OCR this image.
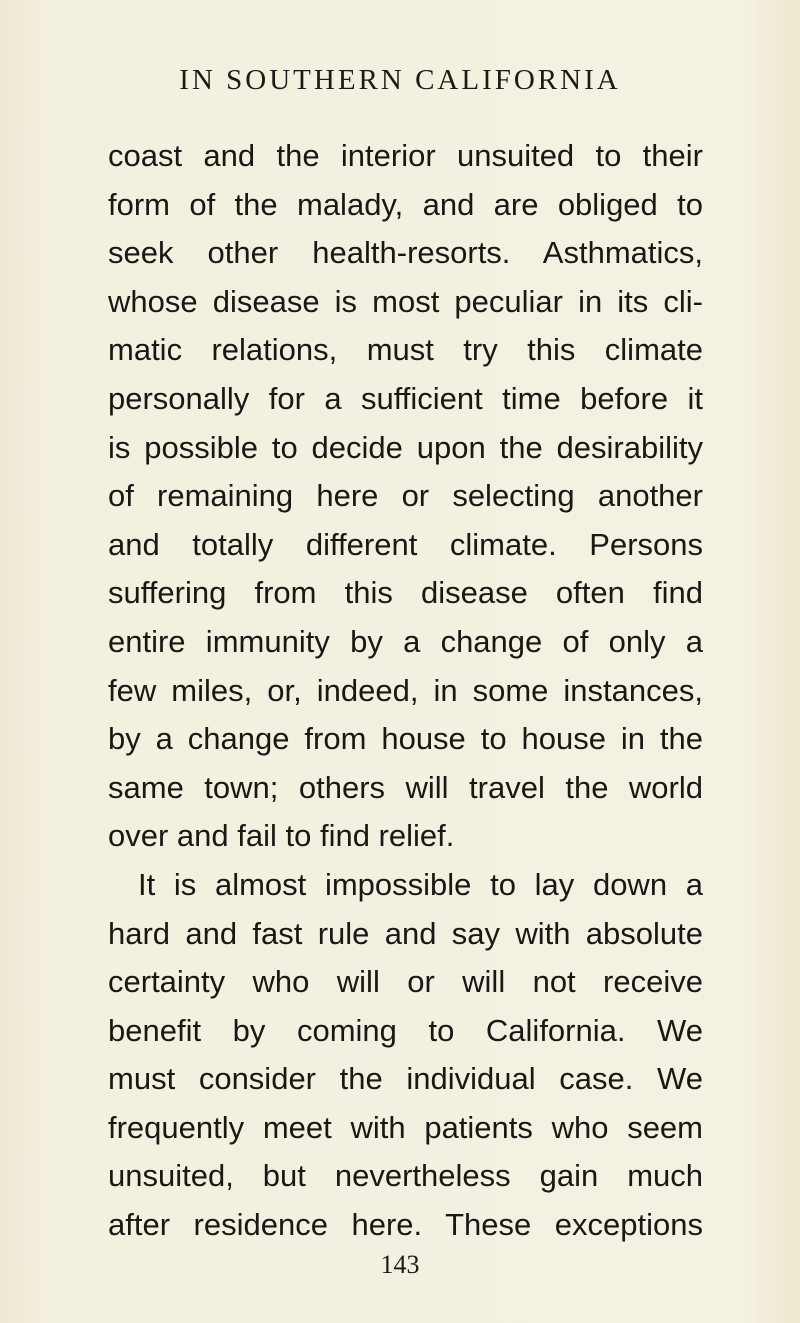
IN SOUTHERN CALIFORNIA
coast and the interior unsuited to their
form of the malady, and are obliged to
seek other health-resorts. Asthmatics,
whose disease is most peculiar in its cli-
matic relations, must try this climate
personally for a sufficient time before it
is possible to decide upon the desirability
of remaining here or selecting another
and totally different climate. Persons
suffering from this disease often find
entire immunity by a change of only a
few miles, or, indeed, in some instances,
by a change from house to house in the
same town; others will travel the world
over and fail to find relief.
It is almost impossible to lay down a
hard and fast rule and say with absolute
certainty who will or will not receive
benefit by coming to California. We
must consider the individual case. We
frequently meet with patients who seem
unsuited, but nevertheless gain much
after residence here. These exceptions
143
